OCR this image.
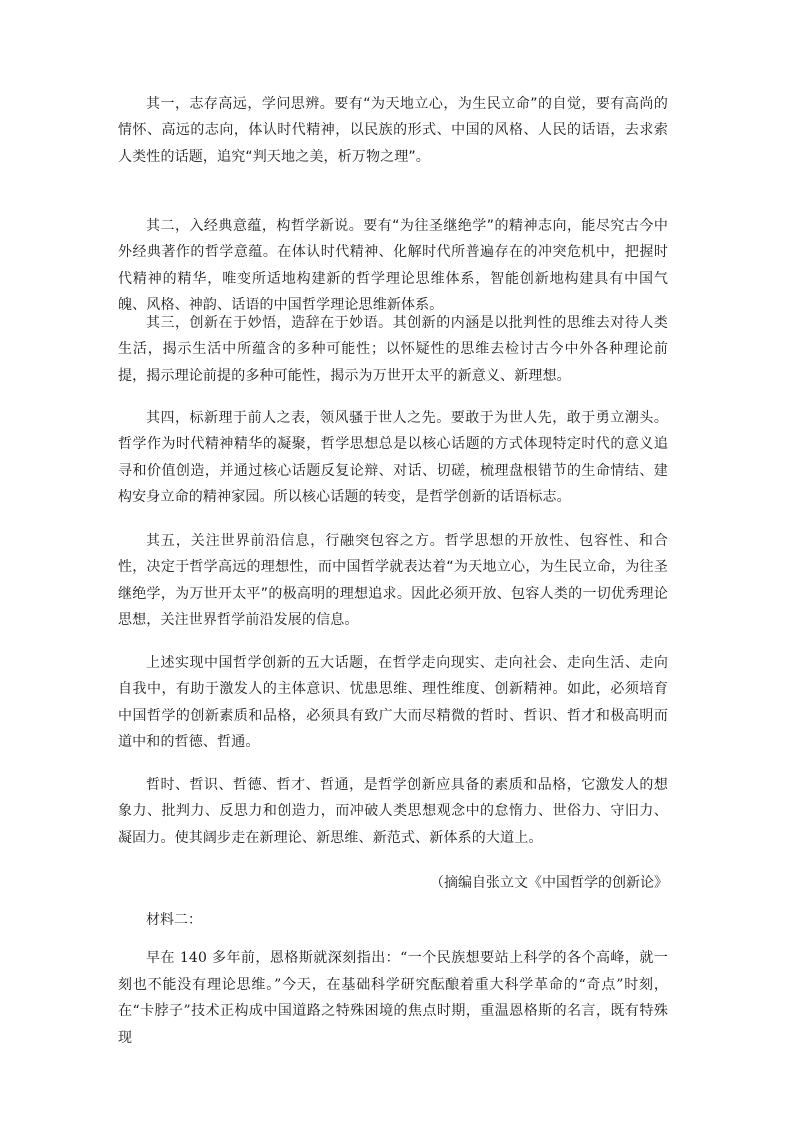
其一，志存高远，学问思辨。要有“为天地立心，为生民立命”的自觉，要有高尚的情怀、高远的志向，体认时代精神，以民族的形式、中国的风格、人民的话语，去求索人类性的话题，追究“判天地之美，析万物之理”。

其二，入经典意蕴，构哲学新说。要有“为往圣继绝学”的精神志向，能尽究古今中外经典著作的哲学意蕴。在体认时代精神、化解时代所普遍存在的冲突危机中，把握时代精神的精华，唯变所适地构建新的哲学理论思维体系，智能创新地构建具有中国气魄、风格、神韵、话语的中国哲学理论思维新体系。

其三，创新在于妙悟，造辞在于妙语。其创新的内涵是以批判性的思维去对待人类生活，揭示生活中所蕴含的多种可能性；以怀疑性的思维去检讨古今中外各种理论前提，揭示理论前提的多种可能性，揭示为万世开太平的新意义、新理想。

其四，标新理于前人之表，领风骚于世人之先。要敢于为世人先，敢于勇立潮头。哲学作为时代精神精华的凝聚，哲学思想总是以核心话题的方式体现特定时代的意义追寻和价值创造，并通过核心话题反复论辩、对话、切磋，梳理盘根错节的生命情结、建构安身立命的精神家园。所以核心话题的转变，是哲学创新的话语标志。

其五，关注世界前沿信息，行融突包容之方。哲学思想的开放性、包容性、和合性，决定于哲学高远的理想性，而中国哲学就表达着“为天地立心，为生民立命，为往圣继绝学，为万世开太平”的极高明的理想追求。因此必须开放、包容人类的一切优秀理论思想，关注世界哲学前沿发展的信息。

上述实现中国哲学创新的五大话题，在哲学走向现实、走向社会、走向生活、走向自我中，有助于激发人的主体意识、忧患思维、理性维度、创新精神。如此，必须培育中国哲学的创新素质和品格，必须具有致广大而尽精微的哲时、哲识、哲才和极高明而道中和的哲德、哲通。

哲时、哲识、哲德、哲才、哲通，是哲学创新应具备的素质和品格，它激发人的想象力、批判力、反思力和创造力，而冲破人类思想观念中的怠惰力、世俗力、守旧力、凝固力。使其阔步走在新理论、新思维、新范式、新体系的大道上。

（摘编自张立文《中国哲学的创新论》

材料二：

早在 140 多年前，恩格斯就深刻指出：“一个民族想要站上科学的各个高峰，就一刻也不能没有理论思维。”今天，在基础科学研究酝酿着重大科学革命的“奇点”时刻，在“卡脖子”技术正构成中国道路之特殊困境的焦点时期，重温恩格斯的名言，既有特殊现
